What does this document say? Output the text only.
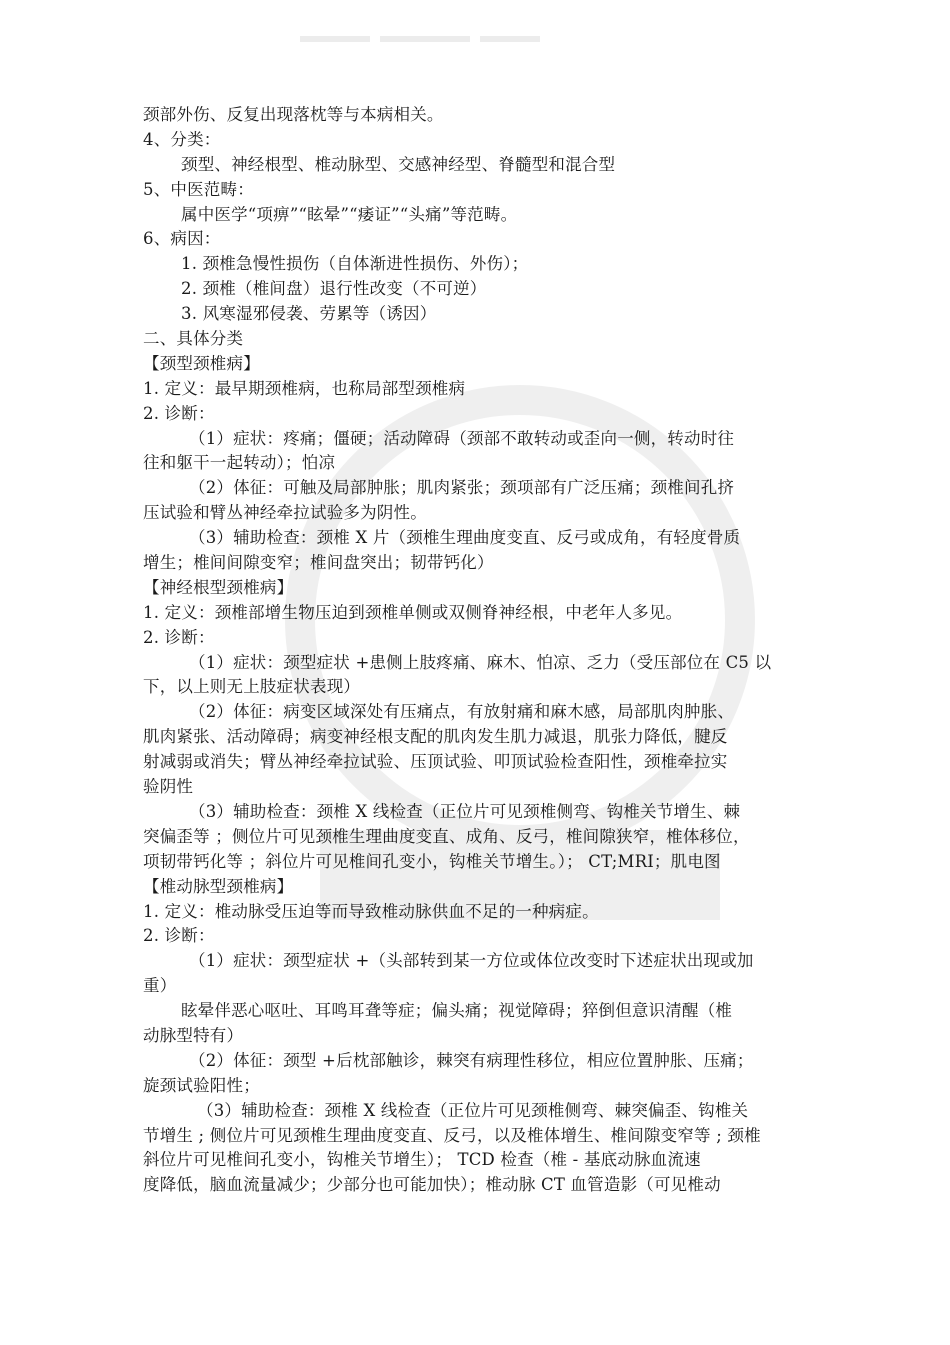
颈部外伤、反复出现落枕等与本病相关。
4、分类：
颈型、神经根型、椎动脉型、交感神经型、脊髓型和混合型
5、中医范畴：
属中医学“项痹”“眩晕”“痿证”“头痛”等范畴。
6、病因：
1. 颈椎急慢性损伤（自体渐进性损伤、外伤）；
2. 颈椎（椎间盘）退行性改变（不可逆）
3. 风寒湿邪侵袭、劳累等（诱因）
二、具体分类
【颈型颈椎病】
1. 定义：最早期颈椎病，也称局部型颈椎病
2. 诊断：
（1）症状：疼痛；僵硬；活动障碍（颈部不敢转动或歪向一侧，转动时往
往和躯干一起转动）；怕凉
（2）体征：可触及局部肿胀；肌肉紧张；颈项部有广泛压痛；颈椎间孔挤
压试验和臂丛神经牵拉试验多为阴性。
（3）辅助检查：颈椎 X 片（颈椎生理曲度变直、反弓或成角，有轻度骨质
增生；椎间间隙变窄；椎间盘突出；韧带钙化）
【神经根型颈椎病】
1. 定义：颈椎部增生物压迫到颈椎单侧或双侧脊神经根，中老年人多见。
2. 诊断：
（1）症状：颈型症状 +患侧上肢疼痛、麻木、怕凉、乏力（受压部位在 C5 以
下，以上则无上肢症状表现）
（2）体征：病变区域深处有压痛点，有放射痛和麻木感，局部肌肉肿胀、
肌肉紧张、活动障碍；病变神经根支配的肌肉发生肌力减退，肌张力降低，腱反
射减弱或消失；臂丛神经牵拉试验、压顶试验、叩顶试验检查阳性，颈椎牵拉实
验阴性
（3）辅助检查：颈椎 X 线检查（正位片可见颈椎侧弯、钩椎关节增生、棘
突偏歪等 ；侧位片可见颈椎生理曲度变直、成角、反弓，椎间隙狭窄，椎体移位，
项韧带钙化等 ；斜位片可见椎间孔变小，钩椎关节增生。）； CT;MRI；肌电图
【椎动脉型颈椎病】
1. 定义：椎动脉受压迫等而导致椎动脉供血不足的一种病症。
2. 诊断：
（1）症状：颈型症状 +（头部转到某一方位或体位改变时下述症状出现或加
重）
眩晕伴恶心呕吐、耳鸣耳聋等症；偏头痛；视觉障碍；猝倒但意识清醒（椎
动脉型特有）
（2）体征：颈型 +后枕部触诊，棘突有病理性移位，相应位置肿胀、压痛；
旋颈试验阳性；
（3）辅助检查：颈椎 X 线检查（正位片可见颈椎侧弯、棘突偏歪、钩椎关
节增生 ; 侧位片可见颈椎生理曲度变直、反弓，以及椎体增生、椎间隙变窄等 ; 颈椎
斜位片可见椎间孔变小，钩椎关节增生）； TCD 检查（椎 - 基底动脉血流速
度降低，脑血流量减少；少部分也可能加快）；椎动脉 CT 血管造影（可见椎动
